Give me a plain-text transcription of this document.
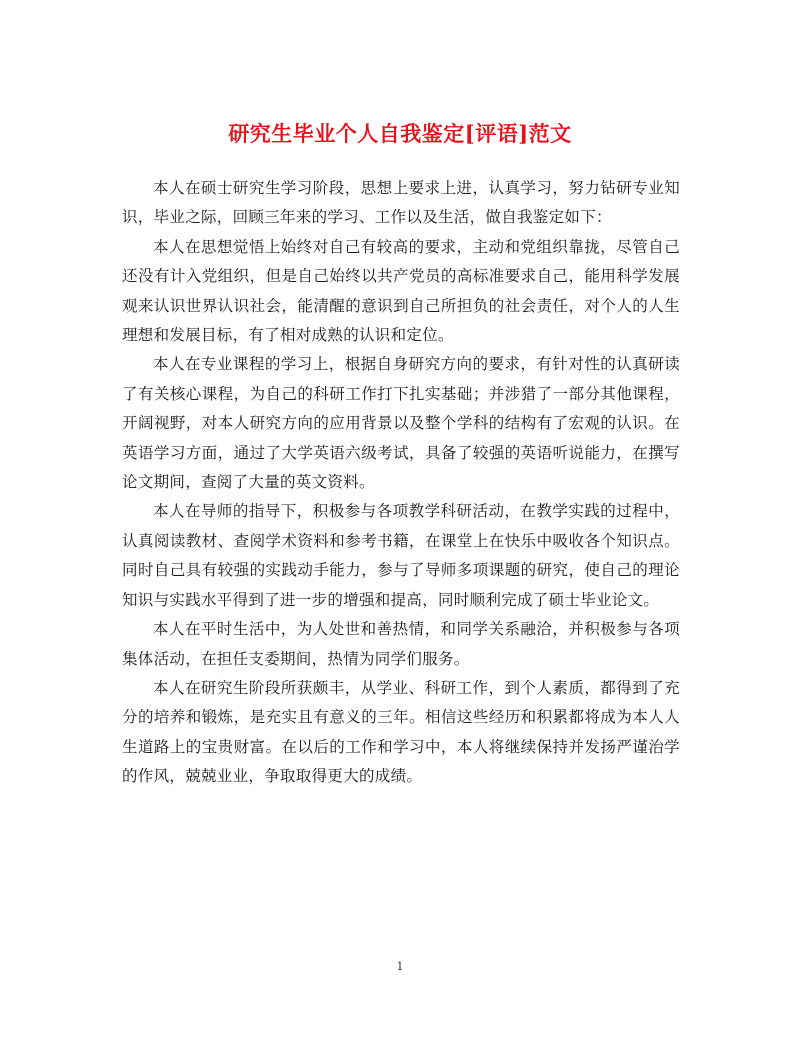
研究生毕业个人自我鉴定[评语]范文

本人在硕士研究生学习阶段，思想上要求上进，认真学习，努力钻研专业知识，毕业之际，回顾三年来的学习、工作以及生活，做自我鉴定如下：

本人在思想觉悟上始终对自己有较高的要求，主动和党组织靠拢，尽管自己还没有计入党组织，但是自己始终以共产党员的高标准要求自己，能用科学发展观来认识世界认识社会，能清醒的意识到自己所担负的社会责任，对个人的人生理想和发展目标，有了相对成熟的认识和定位。

本人在专业课程的学习上，根据自身研究方向的要求，有针对性的认真研读了有关核心课程，为自己的科研工作打下扎实基础；并涉猎了一部分其他课程，开阔视野，对本人研究方向的应用背景以及整个学科的结构有了宏观的认识。在英语学习方面，通过了大学英语六级考试，具备了较强的英语听说能力，在撰写论文期间，查阅了大量的英文资料。

本人在导师的指导下，积极参与各项教学科研活动，在教学实践的过程中，认真阅读教材、查阅学术资料和参考书籍，在课堂上在快乐中吸收各个知识点。同时自己具有较强的实践动手能力，参与了导师多项课题的研究，使自己的理论知识与实践水平得到了进一步的增强和提高，同时顺利完成了硕士毕业论文。

本人在平时生活中，为人处世和善热情，和同学关系融洽，并积极参与各项集体活动，在担任支委期间，热情为同学们服务。

本人在研究生阶段所获颇丰，从学业、科研工作，到个人素质，都得到了充分的培养和锻炼，是充实且有意义的三年。相信这些经历和积累都将成为本人人生道路上的宝贵财富。在以后的工作和学习中，本人将继续保持并发扬严谨治学的作风，兢兢业业，争取取得更大的成绩。

1
